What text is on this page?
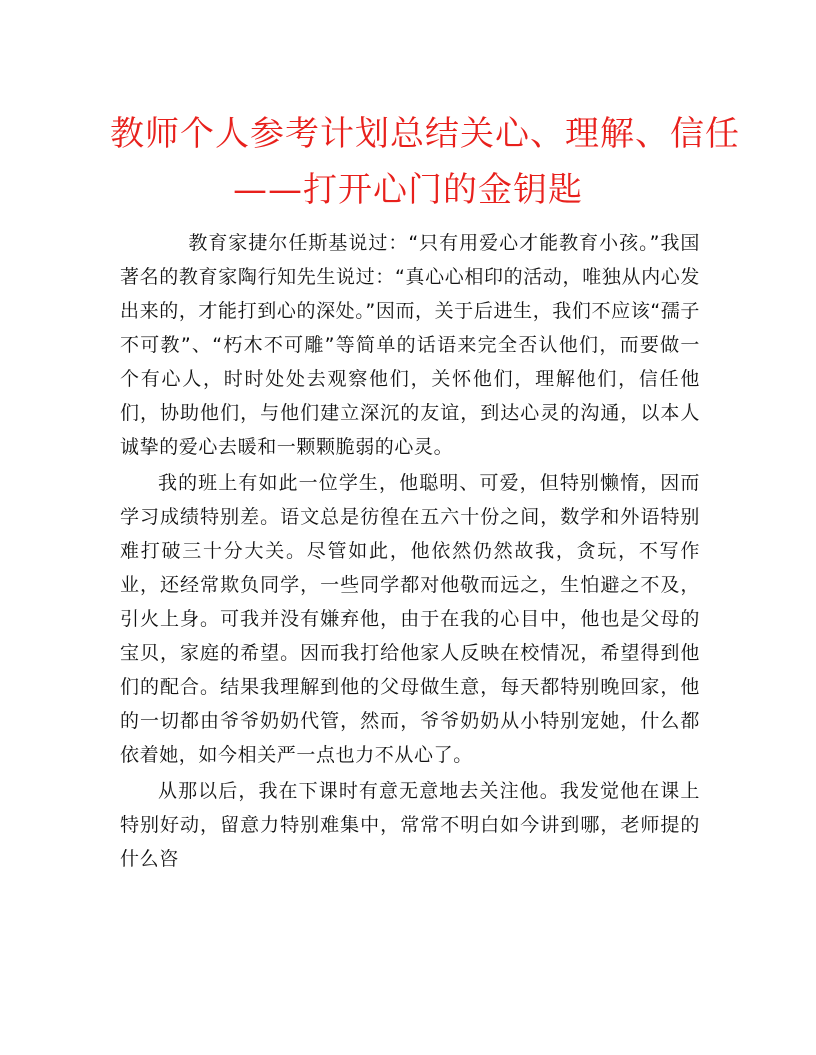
教师个人参考计划总结关心、理解、信任
——打开心门的金钥匙

教育家捷尔任斯基说过：“只有用爱心才能教育小孩。”我国著名的教育家陶行知先生说过：“真心心相印的活动，唯独从内心发出来的，才能打到心的深处。”因而，关于后进生，我们不应该“孺子不可教”、“朽木不可雕”等简单的话语来完全否认他们，而要做一个有心人，时时处处去观察他们，关怀他们，理解他们，信任他们，协助他们，与他们建立深沉的友谊，到达心灵的沟通，以本人诚挚的爱心去暖和一颗颗脆弱的心灵。

我的班上有如此一位学生，他聪明、可爱，但特别懒惰，因而学习成绩特别差。语文总是彷徨在五六十份之间，数学和外语特别难打破三十分大关。尽管如此，他依然仍然故我，贪玩，不写作业，还经常欺负同学，一些同学都对他敬而远之，生怕避之不及，引火上身。可我并没有嫌弃他，由于在我的心目中，他也是父母的宝贝，家庭的希望。因而我打给他家人反映在校情况，希望得到他们的配合。结果我理解到他的父母做生意，每天都特别晚回家，他的一切都由爷爷奶奶代管，然而，爷爷奶奶从小特别宠她，什么都依着她，如今相关严一点也力不从心了。

从那以后，我在下课时有意无意地去关注他。我发觉他在课上特别好动，留意力特别难集中，常常不明白如今讲到哪，老师提的什么咨
